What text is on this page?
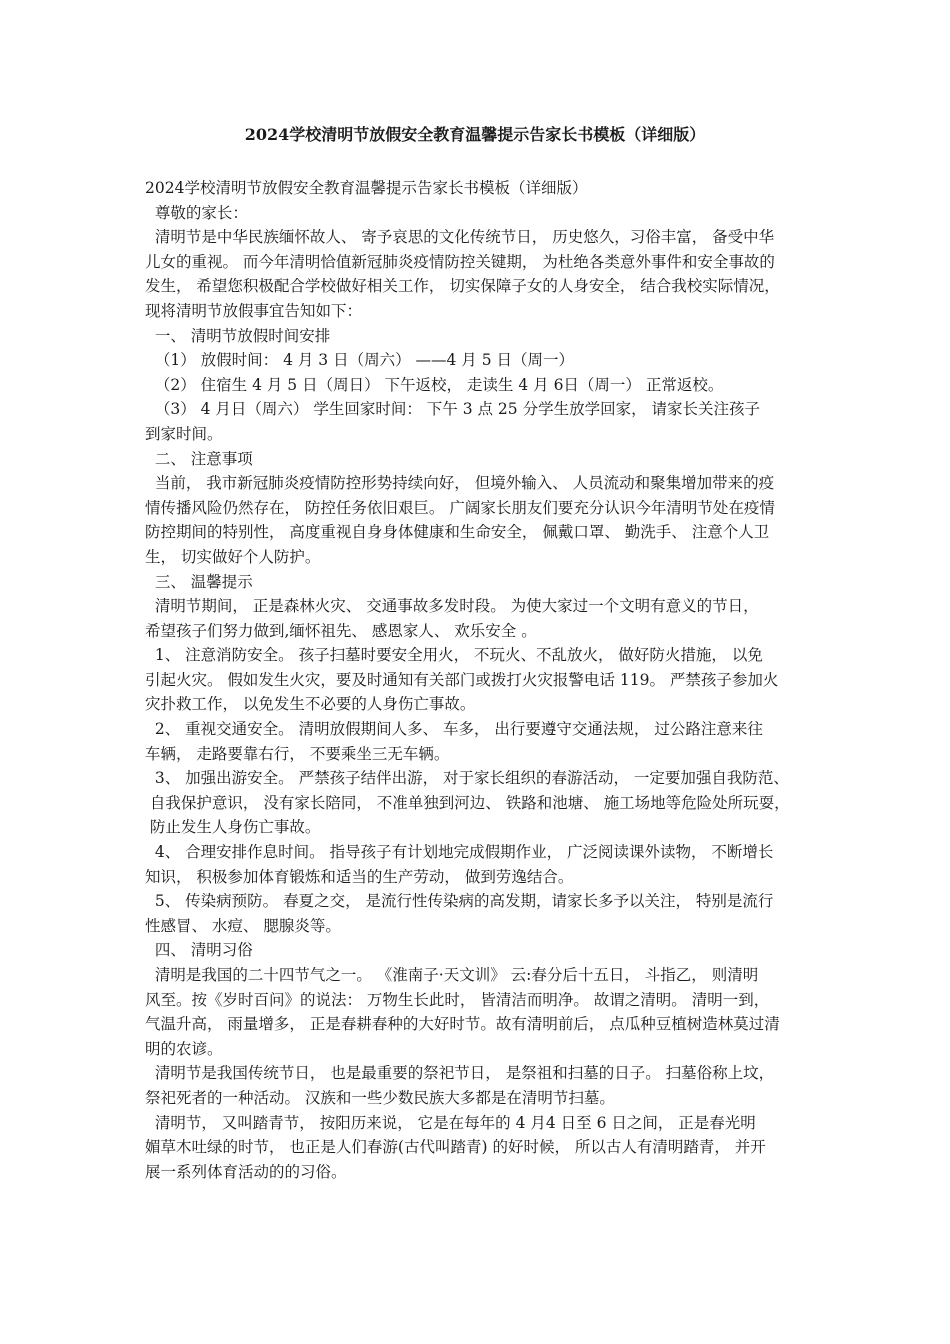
2024学校清明节放假安全教育温馨提示告家长书模板（详细版）
2024学校清明节放假安全教育温馨提示告家长书模板（详细版）
尊敬的家长：
清明节是中华民族缅怀故人、 寄予哀思的文化传统节日， 历史悠久，习俗丰富， 备受中华
儿女的重视。 而今年清明恰值新冠肺炎疫情防控关键期， 为杜绝各类意外事件和安全事故的
发生， 希望您积极配合学校做好相关工作， 切实保障子女的人身安全， 结合我校实际情况，
现将清明节放假事宜告知如下：
一、 清明节放假时间安排
（1） 放假时间： 4 月 3 日（周六） ——4 月 5 日（周一）
（2） 住宿生 4 月 5 日（周日） 下午返校， 走读生 4 月 6日（周一） 正常返校。
（3） 4 月日（周六） 学生回家时间： 下午 3 点 25 分学生放学回家， 请家长关注孩子
到家时间。
二、 注意事项
当前， 我市新冠肺炎疫情防控形势持续向好， 但境外输入、 人员流动和聚集增加带来的疫
情传播风险仍然存在， 防控任务依旧艰巨。 广阔家长朋友们要充分认识今年清明节处在疫情
防控期间的特别性， 高度重视自身身体健康和生命安全， 佩戴口罩、 勤洗手、 注意个人卫
生， 切实做好个人防护。
三、 温馨提示
清明节期间， 正是森林火灾、 交通事故多发时段。 为使大家过一个文明有意义的节日，
希望孩子们努力做到,缅怀祖先、 感恩家人、 欢乐安全 。
1、 注意消防安全。 孩子扫墓时要安全用火， 不玩火、不乱放火， 做好防火措施， 以免
引起火灾。 假如发生火灾，要及时通知有关部门或拨打火灾报警电话 119。 严禁孩子参加火
灾扑救工作， 以免发生不必要的人身伤亡事故。
2、 重视交通安全。 清明放假期间人多、 车多， 出行要遵守交通法规， 过公路注意来往
车辆， 走路要靠右行， 不要乘坐三无车辆。
3、 加强出游安全。 严禁孩子结伴出游， 对于家长组织的春游活动， 一定要加强自我防范、
自我保护意识， 没有家长陪同， 不准单独到河边、 铁路和池塘、 施工场地等危险处所玩耍，
防止发生人身伤亡事故。
4、 合理安排作息时间。 指导孩子有计划地完成假期作业， 广泛阅读课外读物， 不断增长
知识， 积极参加体育锻炼和适当的生产劳动， 做到劳逸结合。
5、 传染病预防。 春夏之交， 是流行性传染病的高发期，请家长多予以关注， 特别是流行
性感冒、 水痘、 腮腺炎等。
四、 清明习俗
清明是我国的二十四节气之一。 《淮南子·天文训》 云:春分后十五日， 斗指乙， 则清明
风至。按《岁时百问》的说法： 万物生长此时， 皆清洁而明净。 故谓之清明。 清明一到，
气温升高， 雨量增多， 正是春耕春种的大好时节。故有清明前后， 点瓜种豆植树造林莫过清
明的农谚。
清明节是我国传统节日， 也是最重要的祭祀节日， 是祭祖和扫墓的日子。 扫墓俗称上坟，
祭祀死者的一种活动。 汉族和一些少数民族大多都是在清明节扫墓。
清明节， 又叫踏青节， 按阳历来说， 它是在每年的 4 月4 日至 6 日之间， 正是春光明
媚草木吐绿的时节， 也正是人们春游(古代叫踏青) 的好时候， 所以古人有清明踏青， 并开
展一系列体育活动的的习俗。
